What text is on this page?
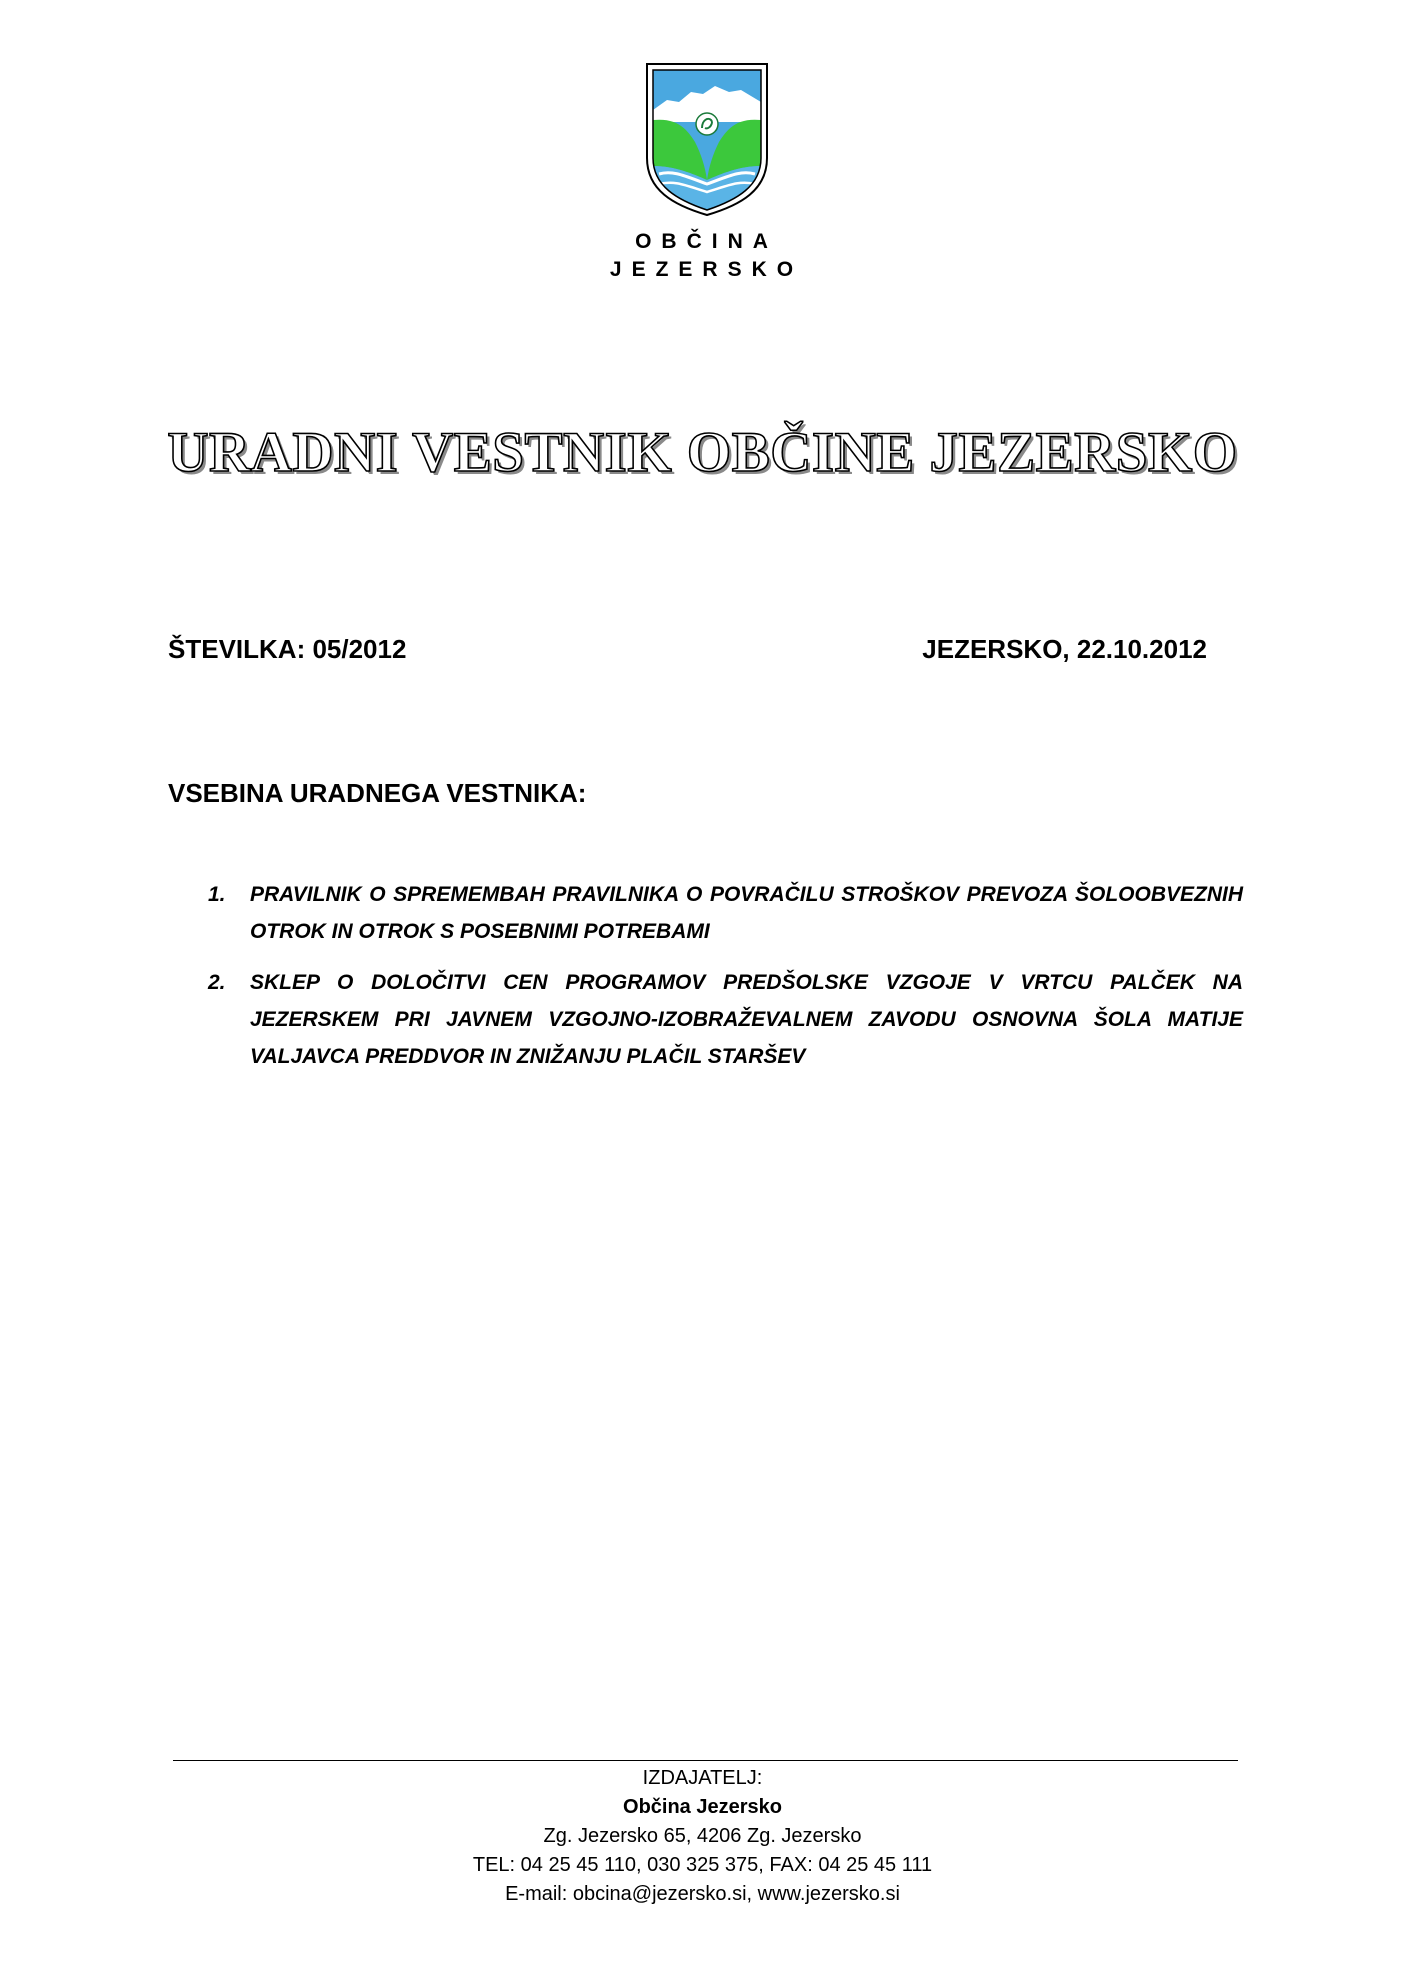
OBČINA
JEZERSKO
URADNI VESTNIK OBČINE JEZERSKO
ŠTEVILKA: 05/2012	JEZERSKO, 22.10.2012
VSEBINA URADNEGA VESTNIKA:
1. PRAVILNIK O SPREMEMBAH PRAVILNIKA O POVRAČILU STROŠKOV PREVOZA ŠOLOOBVEZNIH OTROK IN OTROK S POSEBNIMI POTREBAMI
2. SKLEP O DOLOČITVI CEN PROGRAMOV PREDŠOLSKE VZGOJE V VRTCU PALČEK NA JEZERSKEM PRI JAVNEM VZGOJNO-IZOBRAŽEVALNEM ZAVODU OSNOVNA ŠOLA MATIJE VALJAVCA PREDDVOR IN ZNIŽANJU PLAČIL STARŠEV
IZDAJATELJ:
Občina Jezersko
Zg. Jezersko 65, 4206 Zg. Jezersko
TEL: 04 25 45 110, 030 325 375, FAX: 04 25 45 111
E-mail: obcina@jezersko.si, www.jezersko.si
